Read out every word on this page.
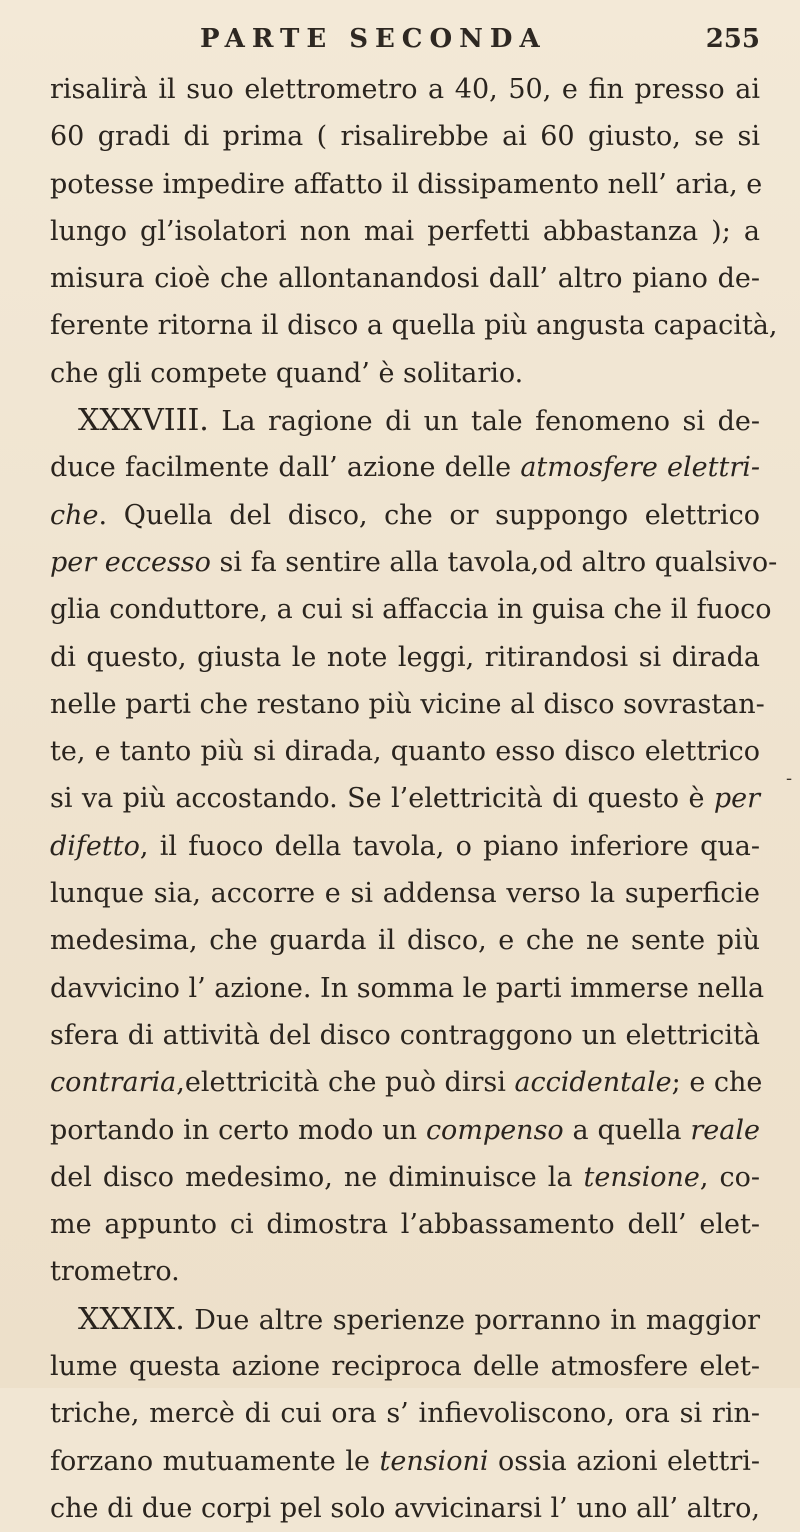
PARTE SECONDA	255
risalirà il suo elettrometro a 40, 50, e fin presso ai
60 gradi di prima ( risalirebbe ai 60 giusto, se si
potesse impedire affatto il dissipamento nell’ aria, e
lungo gl’isolatori non mai perfetti abbastanza ); a
misura cioè che allontanandosi dall’ altro piano de-
ferente ritorna il disco a quella più angusta capacità,
che gli compete quand’ è solitario.
XXXVIII. La ragione di un tale fenomeno si de-
duce facilmente dall’ azione delle atmosfere elettri-
che. Quella del disco, che or suppongo elettrico
per eccesso si fa sentire alla tavola,od altro qualsivo-
glia conduttore, a cui si affaccia in guisa che il fuoco
di questo, giusta le note leggi, ritirandosi si dirada
nelle parti che restano più vicine al disco sovrastan-
te, e tanto più si dirada, quanto esso disco elettrico
si va più accostando. Se l’elettricità di questo è per
difetto, il fuoco della tavola, o piano inferiore qua-
lunque sia, accorre e si addensa verso la superficie
medesima, che guarda il disco, e che ne sente più
davvicino l’ azione. In somma le parti immerse nella
sfera di attività del disco contraggono un elettricità
contraria,elettricità che può dirsi accidentale; e che
portando in certo modo un compenso a quella reale
del disco medesimo, ne diminuisce la tensione, co-
me appunto ci dimostra l’abbassamento dell’ elet-
trometro.
XXXIX. Due altre sperienze porranno in maggior
lume questa azione reciproca delle atmosfere elet-
triche, mercè di cui ora s’ infievoliscono, ora si rin-
forzano mutuamente le tensioni ossia azioni elettri-
che di due corpi pel solo avvicinarsi l’ uno all’ altro,
-
